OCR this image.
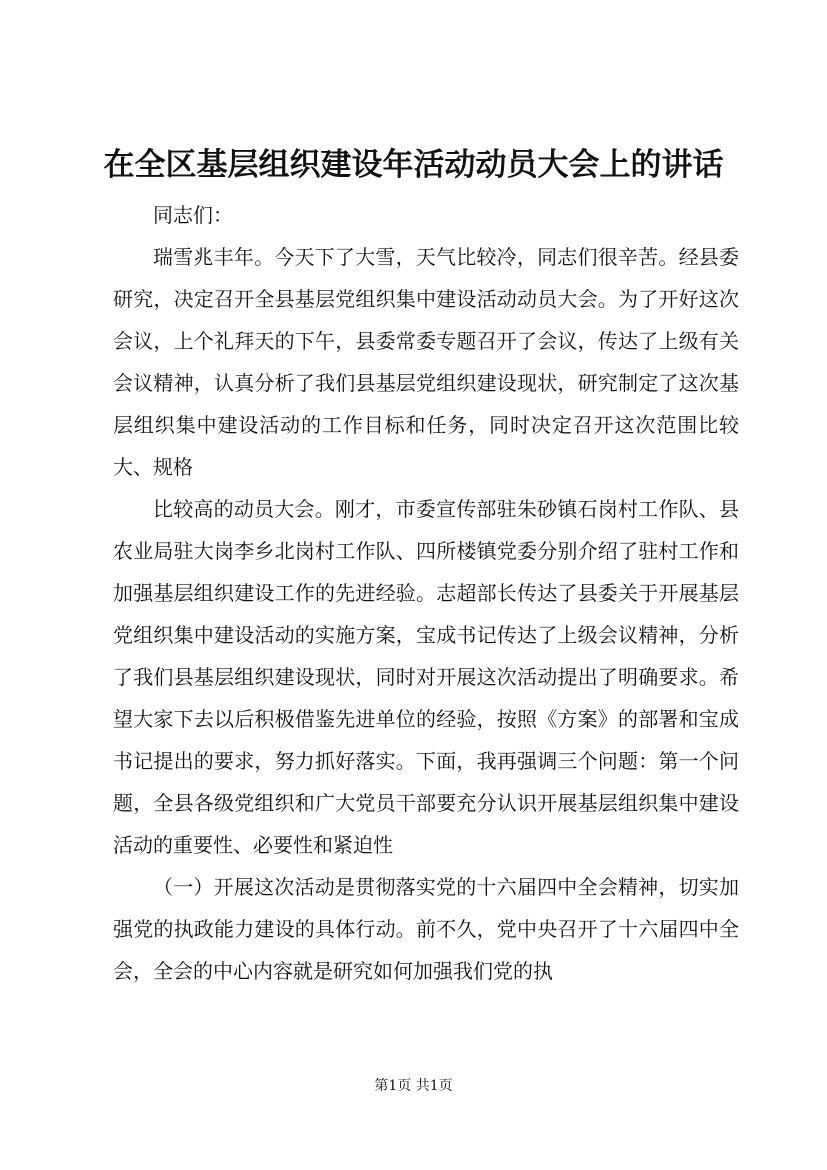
在全区基层组织建设年活动动员大会上的讲话

同志们：

瑞雪兆丰年。今天下了大雪，天气比较冷，同志们很辛苦。经县委研究，决定召开全县基层党组织集中建设活动动员大会。为了开好这次会议，上个礼拜天的下午，县委常委专题召开了会议，传达了上级有关会议精神，认真分析了我们县基层党组织建设现状，研究制定了这次基层组织集中建设活动的工作目标和任务，同时决定召开这次范围比较大、规格

比较高的动员大会。刚才，市委宣传部驻朱砂镇石岗村工作队、县农业局驻大岗李乡北岗村工作队、四所楼镇党委分别介绍了驻村工作和加强基层组织建设工作的先进经验。志超部长传达了县委关于开展基层党组织集中建设活动的实施方案，宝成书记传达了上级会议精神，分析了我们县基层组织建设现状，同时对开展这次活动提出了明确要求。希望大家下去以后积极借鉴先进单位的经验，按照《方案》的部署和宝成书记提出的要求，努力抓好落实。下面，我再强调三个问题：第一个问题，全县各级党组织和广大党员干部要充分认识开展基层组织集中建设活动的重要性、必要性和紧迫性

（一）开展这次活动是贯彻落实党的十六届四中全会精神，切实加强党的执政能力建设的具体行动。前不久，党中央召开了十六届四中全会，全会的中心内容就是研究如何加强我们党的执

第1页 共1页
